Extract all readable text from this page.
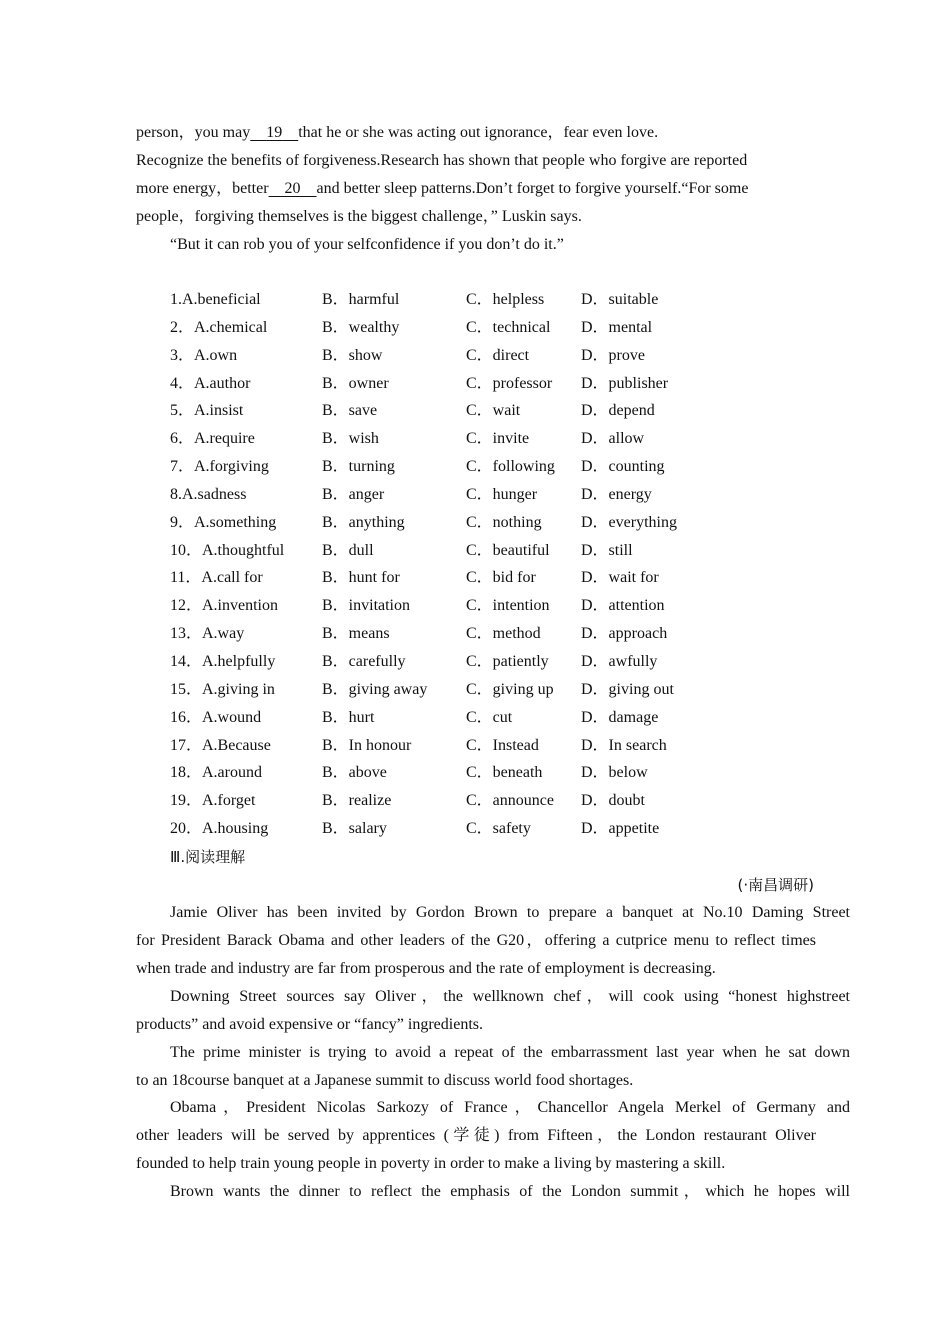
person，you may 19 that he or she was acting out ignorance，fear even love.
Recognize the benefits of forgiveness.Research has shown that people who forgive are reported
more energy，better 20 and better sleep patterns.Don’t forget to forgive yourself.“For some
people，forgiving themselves is the biggest challenge，” Luskin says.
“But it can rob you of your selfconfidence if you don’t do it.”
1.A.beneficial	B．harmful	C．helpless D．suitable
2．A.chemical	B．wealthy	C．technical D．mental
3．A.own	B．show	C．direct	D．prove
4．A.author	B．owner	C．professor D．publisher
5．A.insist	B．save	C．wait	D．depend
6．A.require	B．wish	C．invite	D．allow
7．A.forgiving	B．turning	C．following D．counting
8.A.sadness	B．anger	C．hunger	D．energy
9．A.something	B．anything	C．nothing D．everything
10．A.thoughtful B．dull	C．beautiful D．still
11．A.call for	B．hunt for	C．bid for	D．wait for
12．A.invention	B．invitation	C．intention D．attention
13．A.way	B．means	C．method	D．approach
14．A.helpfully	B．carefully	C．patiently D．awfully
15．A.giving in	B．giving away C．giving up D．giving out
16．A.wound	B．hurt	C．cut	D．damage
17．A.Because	B．In honour	C．Instead	D．In search
18．A.around	B．above	C．beneath D．below
19．A.forget	B．realize	C．announce D．doubt
20．A.housing	B．salary	C．safety	D．appetite
Ⅲ.阅读理解
(·南昌调研)
Jamie Oliver has been invited by Gordon Brown to prepare a banquet at No.10 Daming Street
for President Barack Obama and other leaders of the G20，offering a cutprice menu to reflect times
when trade and industry are far from prosperous and the rate of employment is decreasing.
Downing Street sources say Oliver，the wellknown chef，will cook using “honest highstreet
products” and avoid expensive or “fancy” ingredients.
The prime minister is trying to avoid a repeat of the embarrassment last year when he sat down
to an 18course banquet at a Japanese summit to discuss world food shortages.
Obama，President Nicolas Sarkozy of France，Chancellor Angela Merkel of Germany and
other leaders will be served by apprentices (学徒) from Fifteen，the London restaurant Oliver
founded to help train young people in poverty in order to make a living by mastering a skill.
Brown wants the dinner to reflect the emphasis of the London summit，which he hopes will
